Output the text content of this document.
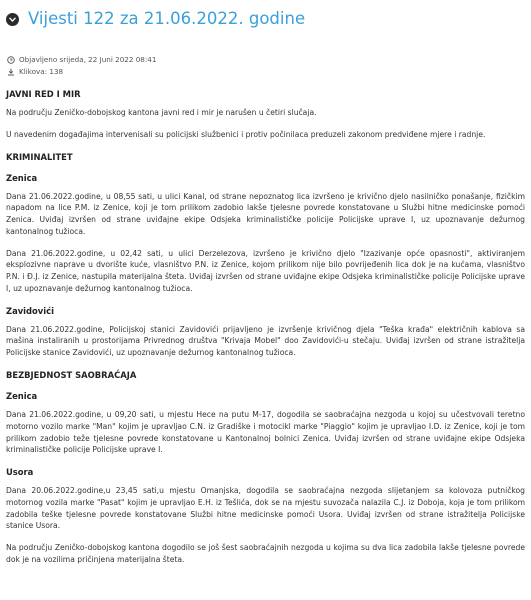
Vijesti 122 za 21.06.2022. godine
Objavljeno srijeda, 22 Juni 2022 08:41
Klikova: 138
JAVNI RED I MIR

Na području Zeničko-dobojskog kantona javni red i mir je narušen u četiri slučaja.

U navedenim događajima intervenisali su policijski službenici i protiv počinilaca preduzeli zakonom predviđene mjere i radnje.

KRIMINALITET
Zenica

Dana 21.06.2022.godine, u 08,55 sati, u ulici Kanal, od strane nepoznatog lica izvršeno je krivično djelo nasilničko ponašanje, fizičkim napadom na lice P.M. iz Zenice, koji je tom prilikom zadobio lakše tjelesne povrede konstatovane u Službi hitne medicinske pomoći Zenica. Uviđaj izvršen od strane uviđajne ekipe Odsjeka kriminalističke policije Policijske uprave I, uz upoznavanje dežurnog kantonalnog tužioca.

Dana 21.06.2022.godine, u 02,42 sati, u ulici Derzelezova, izvršeno je krivično djelo "Izazivanje opće opasnosti", aktiviranjem eksplozivne naprave u dvorište kuće, vlasništvo P.N. iz Zenice, kojom prilikom nije bilo povrijeđenih lica dok je na kućama, vlasništvo P.N. i Đ.J. iz Zenice, nastupila materijalna šteta. Uviđaj izvršen od strane uviđajne ekipe Odsjeka kriminalističke policije Policijske uprave I, uz upoznavanje dežurnog kantonalnog tužioca.

Zavidovići

Dana 21.06.2022.godine, Policijskoj stanici Zavidovići prijavljeno je izvršenje krivičnog djela "Teška krađa" električnih kablova sa mašina instaliranih u prostorijama Privrednog društva "Krivaja Mobel" doo Zavidovići-u stečaju. Uviđaj izvršen od strane istražitelja Policijske stanice Zavidovići, uz upoznavanje dežurnog kantonalnog tužioca.

BEZBJEDNOST SAOBRAĆAJA
Zenica

Dana 21.06.2022.godine, u 09,20 sati, u mjestu Hece na putu M-17, dogodila se saobraćajna nezgoda u kojoj su učestvovali teretno motorno vozilo marke "Man" kojim je upravljao C.N. iz Gradiške i motocikl marke "Piaggio" kojim je upravljao I.D. iz Zenice, koji je tom prilikom zadobio teže tjelesne povrede konstatovane u Kantonalnoj bolnici Zenica. Uviđaj izvršen od strane uviđajne ekipe Odsjeka kriminalističke policije Policijske uprave I.

Usora

Dana 20.06.2022.godine,u 23,45 sati,u mjestu Omanjska, dogodila se saobraćajna nezgoda slijetanjem sa kolovoza putničkog motornog vozila marke "Pasat" kojim je upravljao E.H. iz Tešlića, dok se na mjestu suvozača nalazila C.J. iz Doboja, koja je tom prilikom zadobila teške tjelesne povrede konstatovane Službi hitne medicinske pomoći Usora. Uviđaj izvršen od strane istražitelja Policijske stanice Usora.

Na području Zeničko-dobojskog kantona dogodilo se još šest saobraćajnih nezgoda u kojima su dva lica zadobila lakše tjelesne povrede dok je na vozilima pričinjena materijalna šteta.
